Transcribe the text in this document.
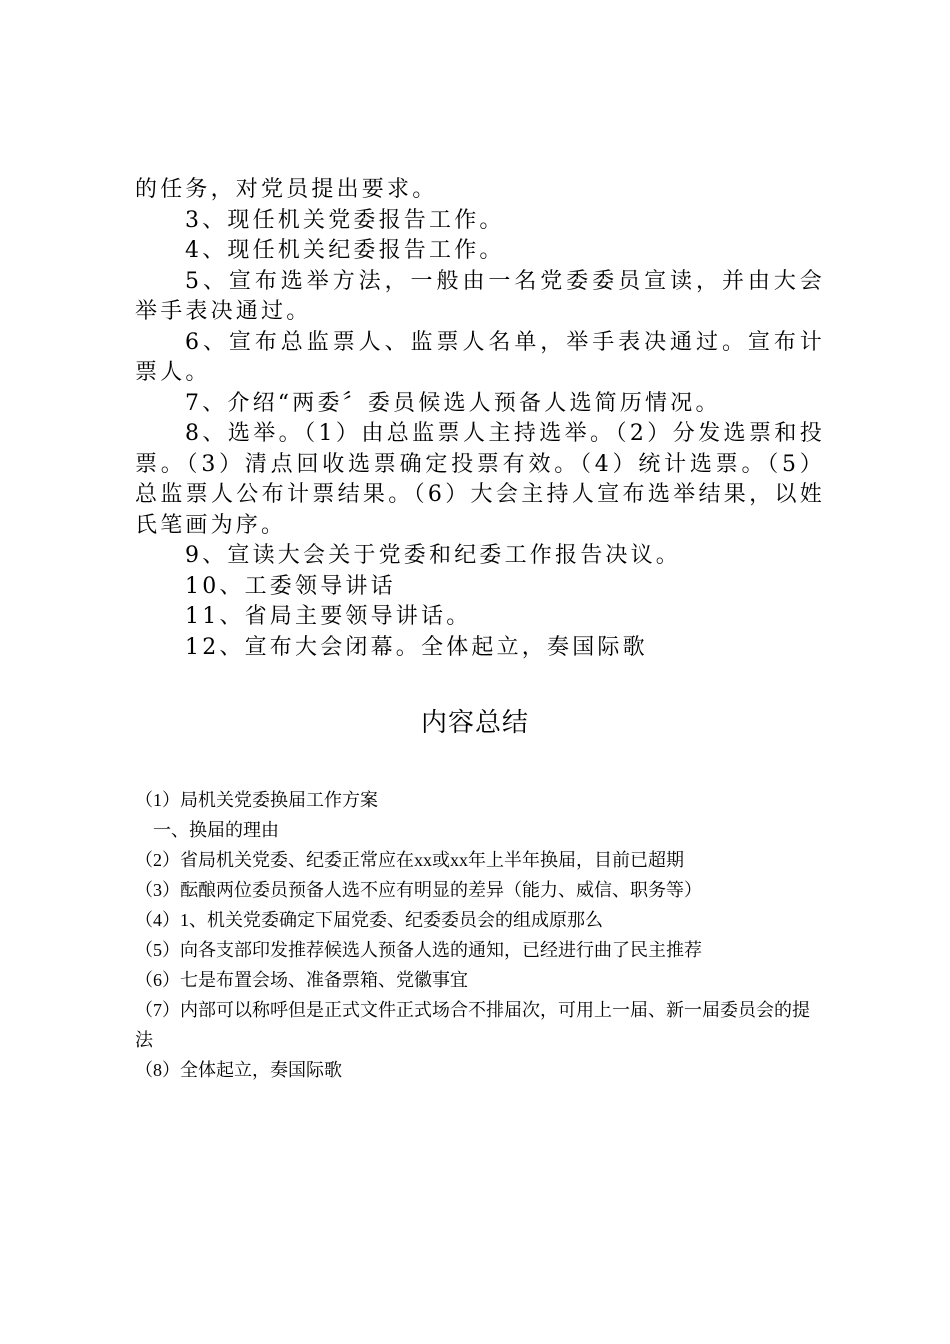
的任务，对党员提出要求。

3、现任机关党委报告工作。

4、现任机关纪委报告工作。

5、宣布选举方法，一般由一名党委委员宣读，并由大会举手表决通过。

6、宣布总监票人、监票人名单，举手表决通过。宣布计票人。

7、介绍“两委〞委员候选人预备人选简历情况。

8、选举。（1）由总监票人主持选举。（2）分发选票和投票。（3）清点回收选票确定投票有效。（4）统计选票。（5）总监票人公布计票结果。（6）大会主持人宣布选举结果，以姓氏笔画为序。

9、宣读大会关于党委和纪委工作报告决议。

10、工委领导讲话

11、省局主要领导讲话。

12、宣布大会闭幕。全体起立，奏国际歌

内容总结

（1）局机关党委换届工作方案

一、换届的理由

（2）省局机关党委、纪委正常应在xx或xx年上半年换届，目前已超期

（3）酝酿两位委员预备人选不应有明显的差异（能力、威信、职务等）

（4）1、机关党委确定下届党委、纪委委员会的组成原那么

（5）向各支部印发推荐候选人预备人选的通知，已经进行曲了民主推荐

（6）七是布置会场、准备票箱、党徽事宜

（7）内部可以称呼但是正式文件正式场合不排届次，可用上一届、新一届委员会的提法

（8）全体起立，奏国际歌
